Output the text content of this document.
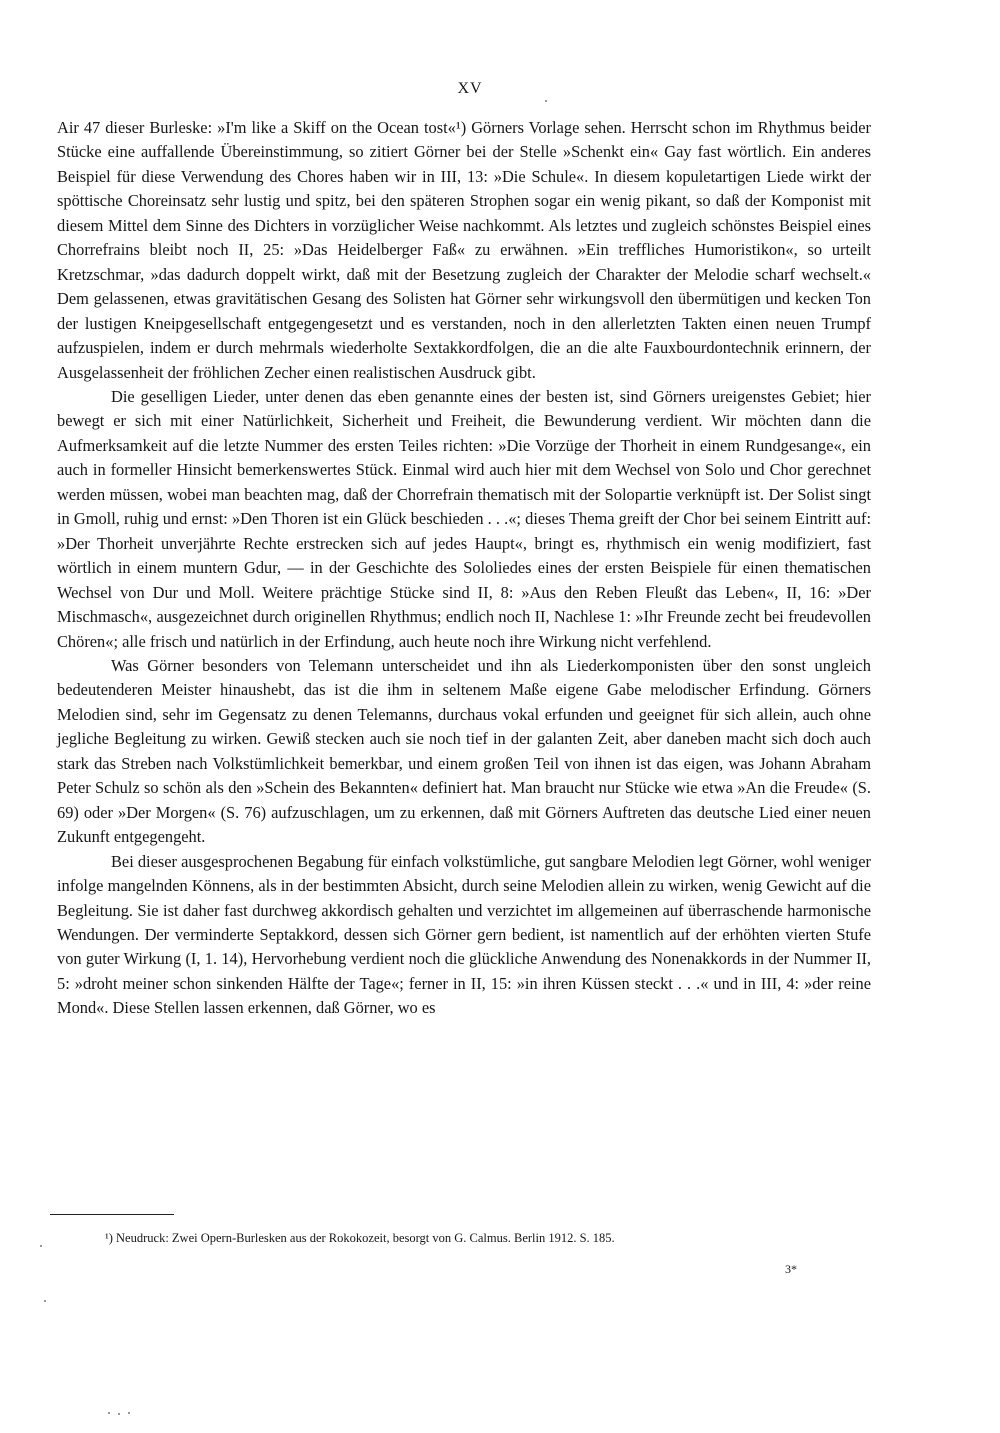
XV

Air 47 dieser Burleske: »I'm like a Skiff on the Ocean tost«¹) Görners Vorlage sehen. Herrscht schon im Rhythmus beider Stücke eine auffallende Übereinstimmung, so zitiert Görner bei der Stelle »Schenkt ein« Gay fast wörtlich. Ein anderes Beispiel für diese Verwendung des Chores haben wir in III, 13: »Die Schule«. In diesem kopuletartigen Liede wirkt der spöttische Choreinsatz sehr lustig und spitz, bei den späteren Strophen sogar ein wenig pikant, so daß der Komponist mit diesem Mittel dem Sinne des Dichters in vorzüglicher Weise nachkommt. Als letztes und zugleich schönstes Beispiel eines Chorrefrains bleibt noch II, 25: »Das Heidelberger Faß« zu erwähnen. »Ein treffliches Humoristikon«, so urteilt Kretzschmar, »das dadurch doppelt wirkt, daß mit der Besetzung zugleich der Charakter der Melodie scharf wechselt.« Dem gelassenen, etwas gravitätischen Gesang des Solisten hat Görner sehr wirkungsvoll den übermütigen und kecken Ton der lustigen Kneipgesellschaft entgegengesetzt und es verstanden, noch in den allerletzten Takten einen neuen Trumpf aufzuspielen, indem er durch mehrmals wiederholte Sextakkordfolgen, die an die alte Fauxbourdontechnik erinnern, der Ausgelassenheit der fröhlichen Zecher einen realistischen Ausdruck gibt.

Die geselligen Lieder, unter denen das eben genannte eines der besten ist, sind Görners ureigenstes Gebiet; hier bewegt er sich mit einer Natürlichkeit, Sicherheit und Freiheit, die Bewunderung verdient. Wir möchten dann die Aufmerksamkeit auf die letzte Nummer des ersten Teiles richten: »Die Vorzüge der Thorheit in einem Rundgesange«, ein auch in formeller Hinsicht bemerkenswertes Stück. Einmal wird auch hier mit dem Wechsel von Solo und Chor gerechnet werden müssen, wobei man beachten mag, daß der Chorrefrain thematisch mit der Solopartie verknüpft ist. Der Solist singt in Gmoll, ruhig und ernst: »Den Thoren ist ein Glück beschieden . . .«; dieses Thema greift der Chor bei seinem Eintritt auf: »Der Thorheit unverjährte Rechte erstrecken sich auf jedes Haupt«, bringt es, rhythmisch ein wenig modifiziert, fast wörtlich in einem muntern Gdur, — in der Geschichte des Sololiedes eines der ersten Beispiele für einen thematischen Wechsel von Dur und Moll. Weitere prächtige Stücke sind II, 8: »Aus den Reben Fleußt das Leben«, II, 16: »Der Mischmasch«, ausgezeichnet durch originellen Rhythmus; endlich noch II, Nachlese 1: »Ihr Freunde zecht bei freudevollen Chören«; alle frisch und natürlich in der Erfindung, auch heute noch ihre Wirkung nicht verfehlend.

Was Görner besonders von Telemann unterscheidet und ihn als Liederkomponisten über den sonst ungleich bedeutenderen Meister hinaushebt, das ist die ihm in seltenem Maße eigene Gabe melodischer Erfindung. Görners Melodien sind, sehr im Gegensatz zu denen Telemanns, durchaus vokal erfunden und geeignet für sich allein, auch ohne jegliche Begleitung zu wirken. Gewiß stecken auch sie noch tief in der galanten Zeit, aber daneben macht sich doch auch stark das Streben nach Volkstümlichkeit bemerkbar, und einem großen Teil von ihnen ist das eigen, was Johann Abraham Peter Schulz so schön als den »Schein des Bekannten« definiert hat. Man braucht nur Stücke wie etwa »An die Freude« (S. 69) oder »Der Morgen« (S. 76) aufzuschlagen, um zu erkennen, daß mit Görners Auftreten das deutsche Lied einer neuen Zukunft entgegengeht.

Bei dieser ausgesprochenen Begabung für einfach volkstümliche, gut sangbare Melodien legt Görner, wohl weniger infolge mangelnden Könnens, als in der bestimmten Absicht, durch seine Melodien allein zu wirken, wenig Gewicht auf die Begleitung. Sie ist daher fast durchweg akkordisch gehalten und verzichtet im allgemeinen auf überraschende harmonische Wendungen. Der verminderte Septakkord, dessen sich Görner gern bedient, ist namentlich auf der erhöhten vierten Stufe von guter Wirkung (I, 1. 14), Hervorhebung verdient noch die glückliche Anwendung des Nonenakkords in der Nummer II, 5: »droht meiner schon sinkenden Hälfte der Tage«; ferner in II, 15: »in ihren Küssen steckt . . .« und in III, 4: »der reine Mond«. Diese Stellen lassen erkennen, daß Görner, wo es

¹) Neudruck: Zwei Opern-Burlesken aus der Rokokozeit, besorgt von G. Calmus. Berlin 1912. S. 185.
3*
